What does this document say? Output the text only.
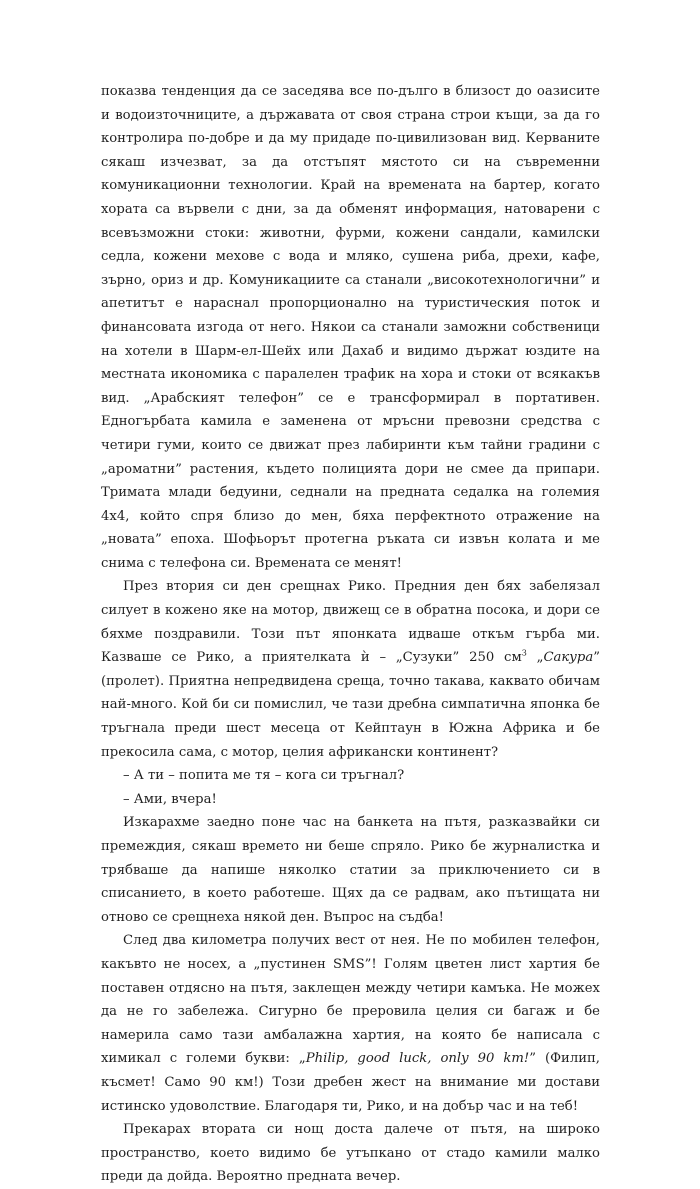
показва тенденция да се заседява все по-дълго в близост до оазисите и водоизточниците, а държавата от своя страна строи къщи, за да го контролира по-добре и да му придаде по-цивилизован вид. Керваните сякаш изчезват, за да отстъпят мястото си на съвременни комуникационни технологии. Край на времената на бартер, когато хората са вървели с дни, за да обменят информация, натоварени с всевъзможни стоки: животни, фурми, кожени сандали, камилски седла, кожени мехове с вода и мляко, сушена риба, дрехи, кафе, зърно, ориз и др. Комуникациите са станали „високотехнологични” и апетитът е нараснал пропорционално на туристическия поток и финансовата изгода от него. Някои са станали заможни собственици на хотели в Шарм-ел-Шейх или Дахаб и видимо държат юздите на местната икономика с паралелен трафик на хора и стоки от всякакъв вид. „Арабският телефон” се е трансформирал в портативен. Едногърбата камила е заменена от мръсни превозни средства с четири гуми, които се движат през лабиринти към тайни градини с „ароматни” растения, където полицията дори не смее да припари. Тримата млади бедуини, седнали на предната седалка на големия 4x4, който спря близо до мен, бяха перфектното отражение на „новата” епоха. Шофьорът протегна ръката си извън колата и ме снима с телефона си. Времената се менят!

През втория си ден срещнах Рико. Предния ден бях забелязал силует в кожено яке на мотор, движещ се в обратна посока, и дори се бяхме поздравили. Този път японката идваше откъм гърба ми. Казваше се Рико, а приятелката ѝ – „Сузуки” 250 $см^3$ „Сакура” (пролет). Приятна непредвидена среща, точно такава, каквато обичам най-много. Кой би си помислил, че тази дребна симпатична японка бе тръгнала преди шест месеца от Кейптаун в Южна Африка и бе прекосила сама, с мотор, целия африкански континент?

– А ти – попита ме тя – кога си тръгнал?

– Ами, вчера!

Изкарахме заедно поне час на банкета на пътя, разказвайки си премеждия, сякаш времето ни беше спряло. Рико бе журналистка и трябваше да напише няколко статии за приключението си в списанието, в което работеше. Щях да се радвам, ако пътищата ни отново се срещнеха някой ден. Въпрос на съдба!

След два километра получих вест от нея. Не по мобилен телефон, какъвто не носех, а „пустинен SMS”! Голям цветен лист хартия бе поставен отдясно на пътя, заклещен между четири камъка. Не можех да не го забележа. Сигурно бе преровила целия си багаж и бе намерила само тази амбалажна хартия, на която бе написала с химикал с големи букви: „Philip, good luck, only 90 km!” (Филип, късмет! Само 90 км!) Този дребен жест на внимание ми достави истинско удоволствие. Благодаря ти, Рико, и на добър час и на теб!

Прекарах втората си нощ доста далече от пътя, на широко пространство, което видимо бе утъпкано от стадо камили малко преди да дойда. Вероятно предната вечер.
